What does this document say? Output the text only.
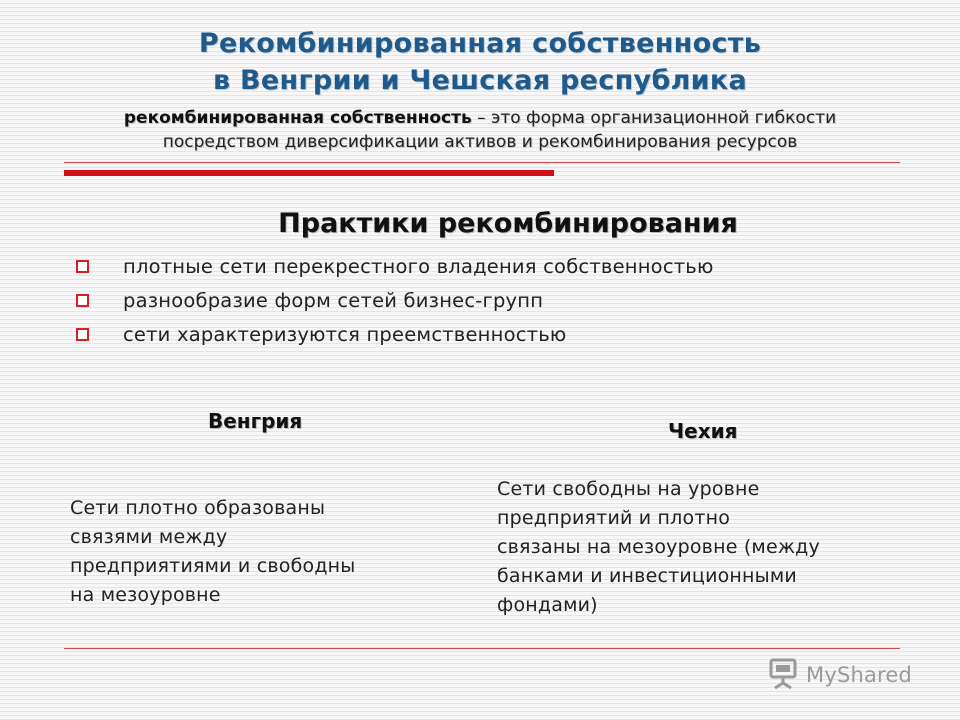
Рекомбинированная собственность
в Венгрии и Чешская республика
рекомбинированная собственность – это форма организационной гибкости
посредством диверсификации активов и рекомбинирования ресурсов
Практики рекомбинирования
плотные сети перекрестного владения собственностью
разнообразие форм сетей бизнес-групп
сети характеризуются преемственностью
Венгрия	Чехия
Сети плотно образованы
связями между
предприятиями и свободны
на мезоуровне
Сети свободны на уровне
предприятий и плотно
связаны на мезоуровне (между
банками и инвестиционными
фондами)
MyShared
